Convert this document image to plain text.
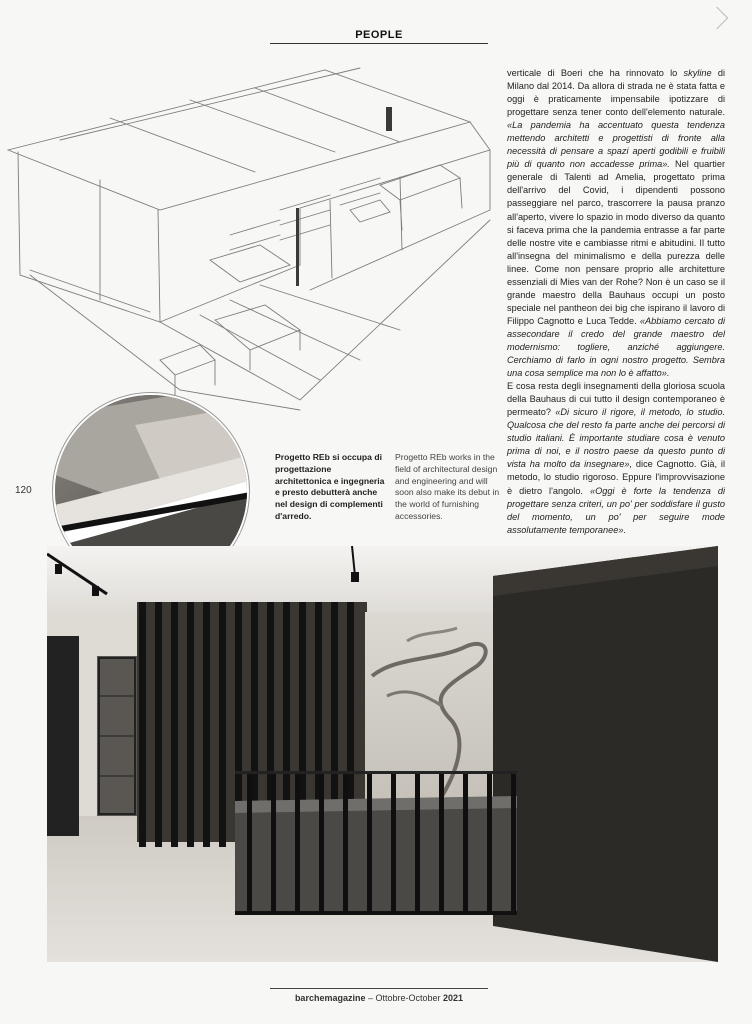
PEOPLE

verticale di Boeri che ha rinnovato lo skyline di Milano dal 2014. Da allora di strada ne è stata fatta e oggi è praticamente impensabile ipotizzare di progettare senza tener conto dell'elemento naturale. «La pandemia ha accentuato questa tendenza mettendo architetti e progettisti di fronte alla necessità di pensare a spazi aperti godibili e fruibili più di quanto non accadesse prima». Nel quartier generale di Talenti ad Amelia, progettato prima dell'arrivo del Covid, i dipendenti possono passeggiare nel parco, trascorrere la pausa pranzo all'aperto, vivere lo spazio in modo diverso da quanto si faceva prima che la pandemia entrasse a far parte delle nostre vite e cambiasse ritmi e abitudini. Il tutto all'insegna del minimalismo e della purezza delle linee. Come non pensare proprio alle architetture essenziali di Mies van der Rohe? Non è un caso se il grande maestro della Bauhaus occupi un posto speciale nel pantheon dei big che ispirano il lavoro di Filippo Cagnotto e Luca Tedde. «Abbiamo cercato di assecondare il credo del grande maestro del modernismo: togliere, anziché aggiungere. Cerchiamo di farlo in ogni nostro progetto. Sembra una cosa semplice ma non lo è affatto».

E cosa resta degli insegnamenti della gloriosa scuola della Bauhaus di cui tutto il design contemporaneo è permeato? «Di sicuro il rigore, il metodo, lo studio. Qualcosa che del resto fa parte anche dei percorsi di studio italiani. È importante studiare cosa è venuto prima di noi, e il nostro paese da questo punto di vista ha molto da insegnare», dice Cagnotto. Già, il metodo, lo studio rigoroso. Eppure l'improvvisazione è dietro l'angolo. «Oggi è forte la tendenza di progettare senza criteri, un po' per soddisfare il gusto del momento, un po' per seguire mode assolutamente temporanee».

120
Progetto REb si occupa di progettazione architettonica e ingegneria e presto debutterà anche nel design di complementi d'arredo.
Progetto REb works in the field of architectural design and engineering and will soon also make its debut in the world of furnishing accessories.
barchemagazine – Ottobre-October 2021
